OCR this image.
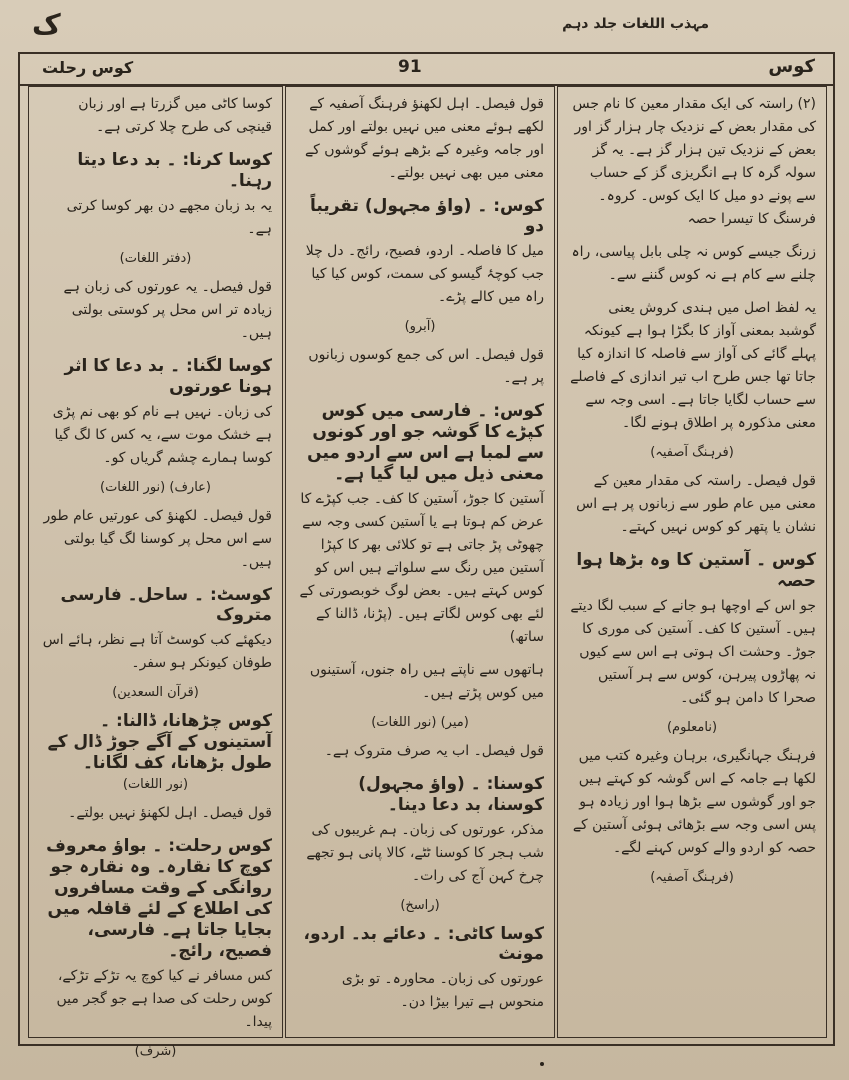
مہذب اللغات جلد دہم
ک
کوس
91
کوس رحلت
(۲) راستہ کی ایک مقدار معین کا نام جس کی مقدار بعض کے نزدیک چار ہزار گز اور بعض کے نزدیک تین ہزار گز ہے۔ یہ گز سولہ گرہ کا ہے انگریزی گز کے حساب سے پونے دو میل کا ایک کوس۔ کروہ۔ فرسنگ کا تیسرا حصہ
زرنگ جیسے کوس نہ چلی بابل پیاسی، راہ چلنے سے کام ہے نہ کوس گننے سے۔
یہ لفظ اصل میں ہندی کروش یعنی گوشبد بمعنی آواز کا بگڑا ہوا ہے کیونکہ پہلے گائے کی آواز سے فاصلہ کا اندازہ کیا جاتا تھا جس طرح اب تیر اندازی کے فاصلے سے حساب لگایا جاتا ہے۔ اسی وجہ سے معنی مذکورہ پر اطلاق ہونے لگا۔
(فرہنگ آصفیہ)
قول فیصل۔ راستہ کی مقدار معین کے معنی میں عام طور سے زبانوں پر ہے اس نشان یا پتھر کو کوس نہیں کہتے۔
کوس ۔ آستین کا وہ بڑھا ہوا حصہ
جو اس کے اوچھا ہو جانے کے سبب لگا دیتے ہیں۔ آستین کا کف۔ آستین کی موری کا جوڑ۔ وحشت اک ہوتی ہے اس سے کیوں نہ پھاڑوں پیرہن، کوس سے ہر آستیں صحرا کا دامن ہو گئی۔
(نامعلوم)
فرہنگ جہانگیری، برہان وغیرہ کتب میں لکھا ہے جامہ کے اس گوشہ کو کہتے ہیں جو اور گوشوں سے بڑھا ہوا اور زیادہ ہو پس اسی وجہ سے بڑھائی ہوئی آستین کے حصہ کو اردو والے کوس کہنے لگے۔
(فرہنگ آصفیہ)
قول فیصل۔ اہل لکھنؤ فرہنگ آصفیہ کے لکھے ہوئے معنی میں نہیں بولتے اور کمل اور جامہ وغیرہ کے بڑھے ہوئے گوشوں کے معنی میں بھی نہیں بولتے۔
کوس: ۔ (واؤ مجہول) تقریباً دو
میل کا فاصلہ۔ اردو، فصیح، رائج۔ دل چلا جب کوچۂ گیسو کی سمت، کوس کیا کیا راہ میں کالے پڑے۔
(آبرو)
قول فیصل۔ اس کی جمع کوسوں زبانوں پر ہے۔
کوس: ۔ فارسی میں کوس کپڑے کا گوشہ جو اور کونوں سے لمبا ہے اس سے اردو میں معنی ذیل میں لیا گیا ہے۔
آستین کا جوڑ، آستین کا کف۔ جب کپڑے کا عرض کم ہوتا ہے یا آستین کسی وجہ سے چھوٹی پڑ جاتی ہے تو کلائی بھر کا کپڑا آستین میں رنگ سے سلواتے ہیں اس کو کوس کہتے ہیں۔ بعض لوگ خوبصورتی کے لئے بھی کوس لگاتے ہیں۔ (پڑنا، ڈالنا کے ساتھ)
ہاتھوں سے ناپتے ہیں راہ جنوں، آستینوں میں کوس پڑتے ہیں۔
(میر) (نور اللغات)
قول فیصل۔ اب یہ صرف متروک ہے۔
کوسنا: ۔ (واؤ مجہول) کوسنا، بد دعا دینا۔
مذکر، عورتوں کی زبان۔ ہم غریبوں کی شب ہجر کا کوسنا ٹٹے، کالا پانی ہو تجھے چرخ کہن آج کی رات۔
(راسخ)
کوسا کاٹی: ۔ دعائے بد۔ اردو، مونث
عورتوں کی زبان۔ محاورہ۔ تو بڑی منحوس ہے تیرا بیڑا دن۔
کوسا کاٹی میں گزرتا ہے اور زبان قینچی کی طرح چلا کرتی ہے۔
کوسا کرنا: ۔ بد دعا دیتا رہنا۔
یہ بد زبان مجھے دن بھر کوسا کرتی ہے۔
(دفتر اللغات)
قول فیصل۔ یہ عورتوں کی زبان ہے زیادہ تر اس محل پر کوستی بولتی ہیں۔
کوسا لگنا: ۔ بد دعا کا اثر ہونا عورتوں
کی زبان۔ نہیں ہے نام کو بھی نم پڑی ہے خشک موت سے، یہ کس کا لگ گیا کوسا ہمارے چشم گریاں کو۔
(عارف) (نور اللغات)
قول فیصل۔ لکھنؤ کی عورتیں عام طور سے اس محل پر کوسنا لگ گیا بولتی ہیں۔
کوسٹ: ۔ ساحل۔ فارسی متروک
دیکھئے کب کوسٹ آتا ہے نظر، ہائے اس طوفان کیونکر ہو سفر۔
(قرآن السعدین)
کوس چڑھانا، ڈالنا: ۔ آستینوں کے آگے جوڑ ڈال کے طول بڑھانا، کف لگانا۔
(نور اللغات)
قول فیصل۔ اہل لکھنؤ نہیں بولتے۔
کوس رحلت: ۔ بواؤ معروف کوچ کا نقارہ۔ وہ نقارہ جو روانگی کے وقت مسافروں کی اطلاع کے لئے قافلہ میں بجایا جاتا ہے۔ فارسی، فصیح، رائج۔
کس مسافر نے کیا کوچ یہ تڑکے تڑکے، کوس رحلت کی صدا ہے جو گجر میں پیدا۔
(شرف)
